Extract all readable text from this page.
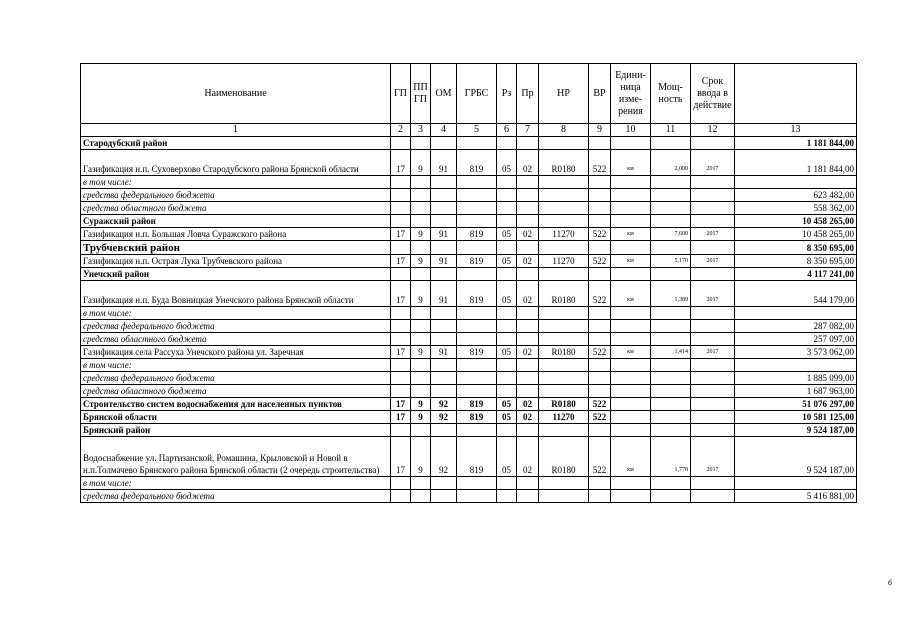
Наименование	ГП	ПП ГП	ОМ	ГРБС	Рз	Пр	НР	ВР	Едини-ница изме-рения	Мощ-ность	Срок ввода в действие	
1	2	3	4	5	6	7	8	9	10	11	12	13
Стародубский район												1 181 844,00
Газификация н.п. Суховерхово Стародубского района Брянской области	17	9	91	819	05	02	R0180	522	км	2,000	2017	1 181 844,00
в том числе:												
средства федерального бюджета												623 482,00
средства областного бюджета												558 362,00
Суражский район												10 458 265,00
Газификация н.п. Большая Ловча Суражского района	17	9	91	819	05	02	11270	522	км	7,600	2017	10 458 265,00
Трубчевский район												8 350 695,00
Газификация н.п. Острая Лука Трубчевского района	17	9	91	819	05	02	11270	522	км	5,170	2017	8 350 695,00
Унечский район												4 117 241,00
Газификация н.п. Буда Вовницкая Унечского района Брянской области	17	9	91	819	05	02	R0180	522	км	1,389	2017	544 179,00
в том числе:												
средства федерального бюджета												287 082,00
средства областного бюджета												257 097,00
Газификация села Рассуха Унечского района ул. Заречная	17	9	91	819	05	02	R0180	522	км	1,414	2017	3 573 062,00
в том числе:												
средства федерального бюджета												1 885 099,00
средства областного бюджета												1 687 963,00
Строительство систем водоснабжения для населенных пунктов	17	9	92	819	05	02	R0180	522				51 076 297,00
Брянской области	17	9	92	819	05	02	11270	522				10 581 125,00
Брянский район												9 524 187,00
Водоснабжение ул. Партизанской, Ромашина, Крыловской и Новой в н.п.Толмачево Брянского района Брянской области (2 очередь строительства)	17	9	92	819	05	02	R0180	522	км	1,778	2017	9 524 187,00
в том числе:												
средства федерального бюджета												5 416 881,00
6
